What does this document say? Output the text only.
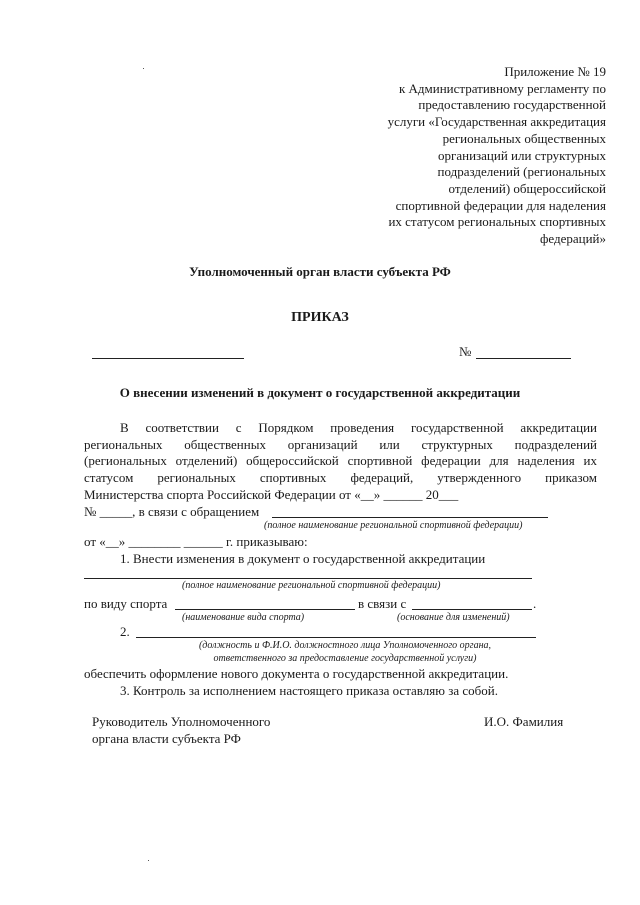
Приложение № 19
к Административному регламенту по
предоставлению государственной
услуги «Государственная аккредитация
региональных общественных
организаций или структурных
подразделений (региональных
отделений) общероссийской
спортивной федерации для наделения
их статусом региональных спортивных
федераций»
Уполномоченный орган власти субъекта РФ
ПРИКАЗ
№
О внесении изменений в документ о государственной аккредитации
В соответствии с Порядком проведения государственной аккредитации
региональных общественных организаций или структурных подразделений
(региональных отделений) общероссийской спортивной федерации для наделения их
статусом региональных спортивных федераций, утвержденного приказом
Министерства спорта Российской Федерации от «__» ______ 20___
№ _____, в связи с обращением
(полное наименование региональной спортивной федерации)
от «__» ________ ______ г. приказываю:
1. Внести изменения в документ о государственной аккредитации
(полное наименование региональной спортивной федерации)
по виду спорта	в связи с	.
(наименование вида спорта)	(основание для изменений)
2.
(должность и Ф.И.О. должностного лица Уполномоченного органа,
ответственного за предоставление государственной услуги)
обеспечить оформление нового документа о государственной аккредитации.
3. Контроль за исполнением настоящего приказа оставляю за собой.
Руководитель Уполномоченного
органа власти субъекта РФ
И.О. Фамилия
